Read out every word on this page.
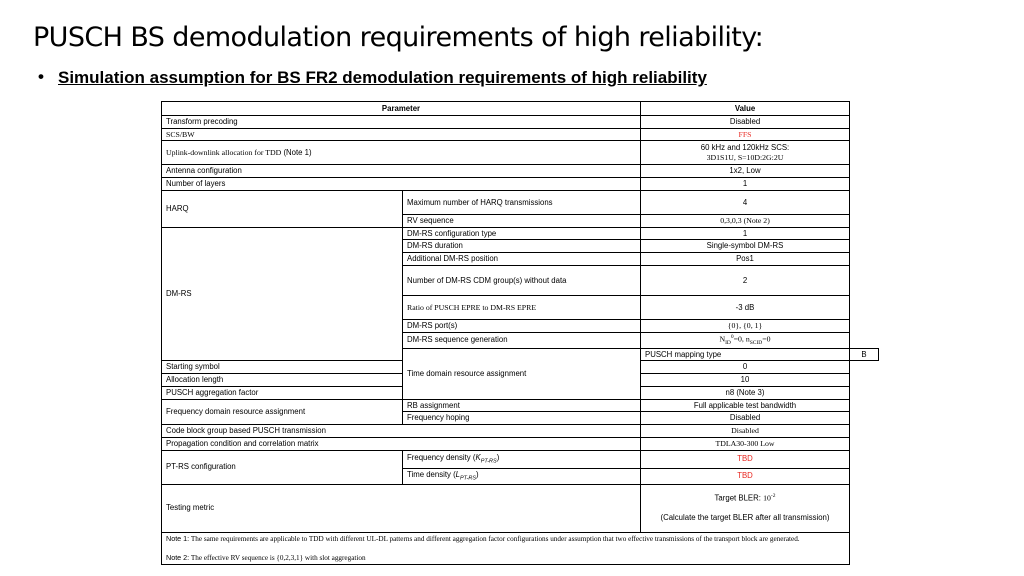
PUSCH BS demodulation requirements of high reliability:
• Simulation assumption for BS FR2 demodulation requirements of high reliability
Parameter		Value	
Transform precoding		Disabled	
SCS/BW		FFS	
Uplink-downlink allocation for TDD (Note 1)		60 kHz and 120kHz SCS:
3D1S1U, S=10D:2G:2U	

Antenna configuration		1x2, Low	
Number of layers		1	
HARQ	Maximum number of HARQ transmissions	4	
	RV sequence	0,3,0,3 (Note 2)	
DM-RS	DM-RS configuration type	1	
	DM-RS duration	Single-symbol DM-RS	
	Additional DM-RS position	Pos1	
	Number of DM-RS CDM group(s) without data	2	
	Ratio of PUSCH EPRE to DM-RS EPRE	-3 dB	
	DM-RS port(s)	{0}, {0, 1}	
	DM-RS sequence generation	$N_{ID}^0=0$, $n_{SCID}=0$	
	Time domain resource assignment	PUSCH mapping type	B
Starting symbol		0	
Allocation length		10	
PUSCH aggregation factor		n8 (Note 3)	
Frequency domain resource assignment	RB assignment	Full applicable test bandwidth	
	Frequency hoping	Disabled	
Code block group based PUSCH transmission		Disabled	
Propagation condition and correlation matrix		TDLA30-300 Low	
PT-RS configuration	Frequency density $(K_{PT-RS})$	TBD	
	Time density $(L_{PT-RS})$	TBD	
Testing metric		Target BLER: $10^{-2}$
(Calculate the target BLER after all transmission)	

Note 1: The same requirements are applicable to TDD with different UL-DL patterns and different aggregation factor configurations under assumption that two effective transmissions of the transport block are generated.
Note 2: The effective RV sequence is {0,2,3,1} with slot aggregation			
